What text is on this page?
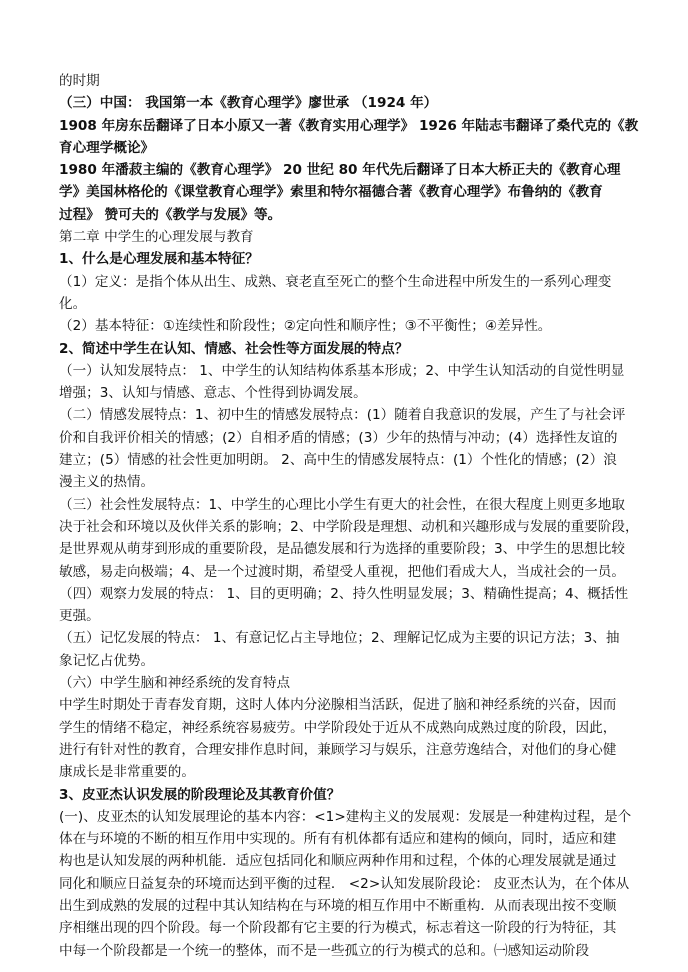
的时期
（三）中国： 我国第一本《教育心理学》廖世承 （1924 年）
1908 年房东岳翻译了日本小原又一著《教育实用心理学》 1926 年陆志韦翻译了桑代克的《教
育心理学概论》
1980 年潘菽主编的《教育心理学》 20 世纪 80 年代先后翻译了日本大桥正夫的《教育心理
学》美国林格伦的《课堂教育心理学》索里和特尔福德合著《教育心理学》布鲁纳的《教育
过程》 赞可夫的《教学与发展》等。
第二章 中学生的心理发展与教育
1、什么是心理发展和基本特征？
（1）定义：是指个体从出生、成熟、衰老直至死亡的整个生命进程中所发生的一系列心理变
化。
（2）基本特征：①连续性和阶段性；②定向性和顺序性；③不平衡性；④差异性。
2、简述中学生在认知、情感、社会性等方面发展的特点？
（一）认知发展特点： 1、中学生的认知结构体系基本形成；2、中学生认知活动的自觉性明显
增强；3、认知与情感、意志、个性得到协调发展。
（二）情感发展特点：1、初中生的情感发展特点：(1）随着自我意识的发展，产生了与社会评
价和自我评价相关的情感；(2）自相矛盾的情感；(3）少年的热情与冲动；(4）选择性友谊的
建立；(5）情感的社会性更加明朗。 2、高中生的情感发展特点：(1）个性化的情感；(2）浪
漫主义的热情。
（三）社会性发展特点：1、中学生的心理比小学生有更大的社会性，在很大程度上则更多地取
决于社会和环境以及伙伴关系的影响；2、中学阶段是理想、动机和兴趣形成与发展的重要阶段，
是世界观从萌芽到形成的重要阶段，是品德发展和行为选择的重要阶段；3、中学生的思想比较
敏感，易走向极端；4、是一个过渡时期，希望受人重视，把他们看成大人，当成社会的一员。
（四）观察力发展的特点： 1、目的更明确；2、持久性明显发展；3、精确性提高；4、概括性
更强。
（五）记忆发展的特点： 1、有意记忆占主导地位；2、理解记忆成为主要的识记方法；3、抽
象记忆占优势。
（六）中学生脑和神经系统的发育特点
中学生时期处于青春发育期，这时人体内分泌腺相当活跃，促进了脑和神经系统的兴奋，因而
学生的情绪不稳定，神经系统容易疲劳。中学阶段处于近从不成熟向成熟过度的阶段，因此，
进行有针对性的教育，合理安排作息时间，兼顾学习与娱乐，注意劳逸结合，对他们的身心健
康成长是非常重要的。
3、皮亚杰认识发展的阶段理论及其教育价值？
(一)、皮亚杰的认知发展理论的基本内容：<1>建构主义的发展观：发展是一种建构过程，是个
体在与环境的不断的相互作用中实现的。所有有机体都有适应和建构的倾向，同时，适应和建
构也是认知发展的两种机能．适应包括同化和顺应两种作用和过程，个体的心理发展就是通过
同化和顺应日益复杂的环境而达到平衡的过程． <2>认知发展阶段论： 皮亚杰认为，在个体从
出生到成熟的发展的过程中其认知结构在与环境的相互作用中不断重构．从而表现出按不变顺
序相继出现的四个阶段。每一个阶段都有它主要的行为模式，标志着这一阶段的行为特征，其
中每一个阶段都是一个统一的整体，而不是一些孤立的行为模式的总和。㈠感知运动阶段
